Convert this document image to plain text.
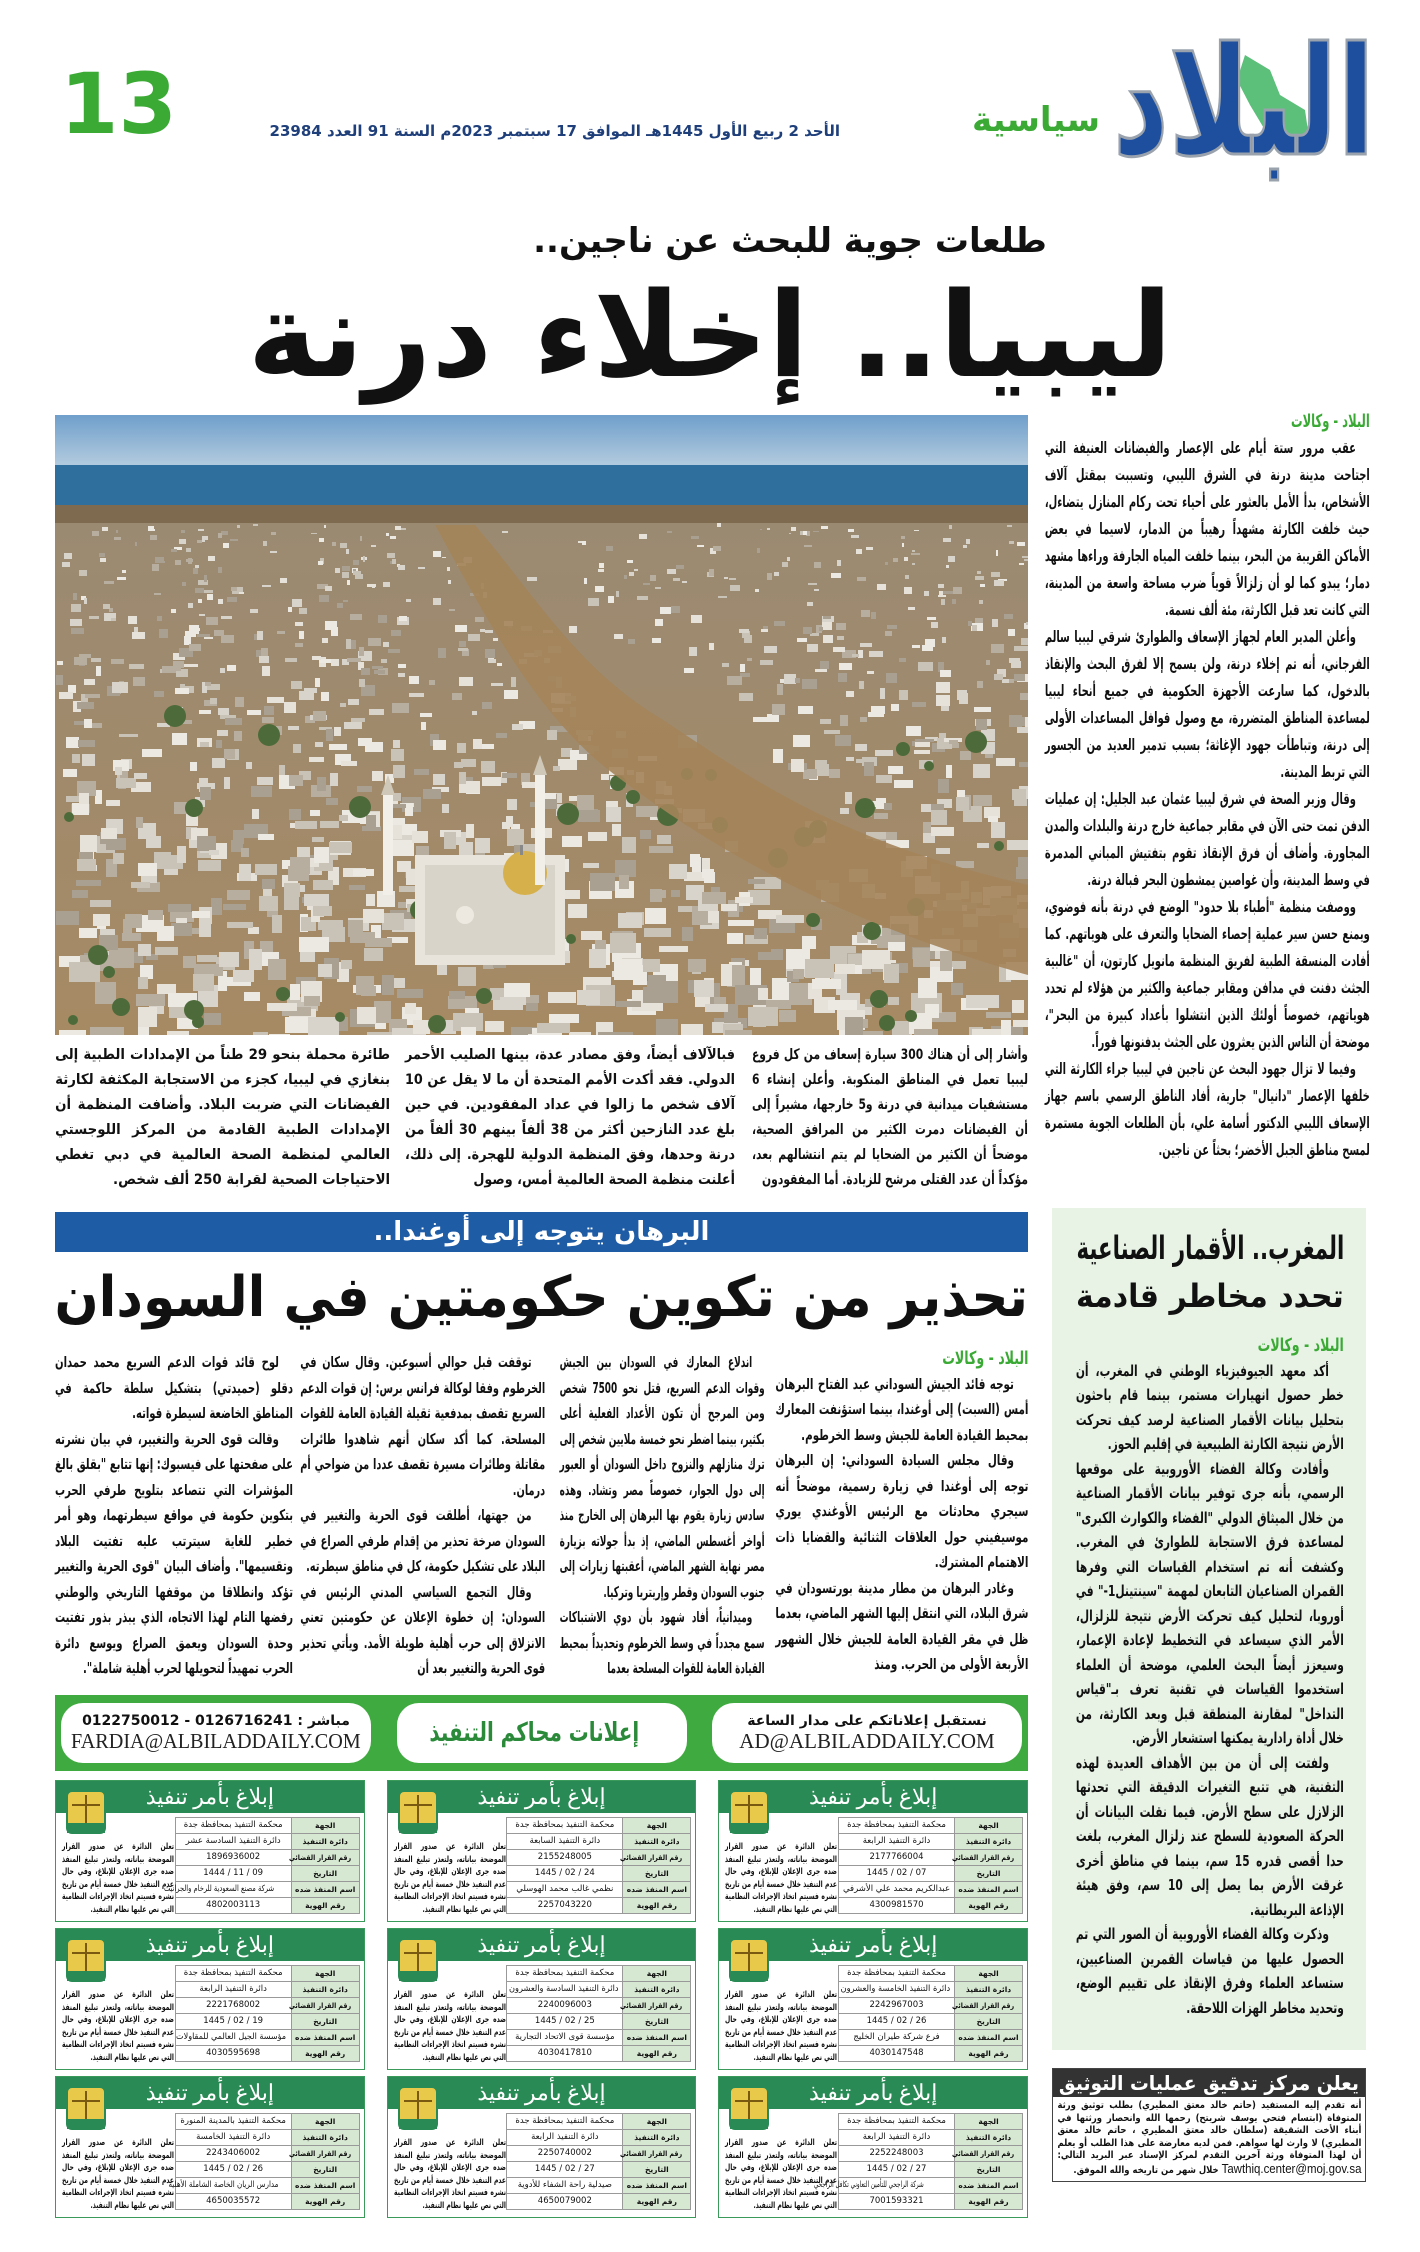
البلاد
سياسية
الأحد 2 ربيع الأول 1445هـ الموافق 17 سبتمبر 2023م السنة 91 العدد 23984
13
طلعات جوية للبحث عن ناجين..
ليبيا.. إخلاء درنة
البلاد - وكالات

عقب مرور ستة أيام على الإعصار والفيضانات العنيفة التي اجتاحت مدينة درنة في الشرق الليبي، وتسببت بمقتل آلاف الأشخاص، بدأ الأمل بالعثور على أحياء تحت ركام المنازل يتضاءل، حيث خلفت الكارثة مشهداً رهيباً من الدمار، لاسيما في بعض الأماكن القريبة من البحر، بينما خلفت المياه الجارفة وراءها مشهد دمار؛ يبدو كما لو أن زلزالاً قوياً ضرب مساحة واسعة من المدينة، التي كانت تعد قبل الكارثة، مئة ألف نسمة.

وأعلن المدير العام لجهاز الإسعاف والطوارئ شرقي ليبيا سالم الفرجاني، أنه تم إخلاء درنة، ولن يسمح إلا لفرق البحث والإنقاذ بالدخول، كما سارعت الأجهزة الحكومية في جميع أنحاء ليبيا لمساعدة المناطق المتضررة، مع وصول قوافل المساعدات الأولى إلى درنة، وتباطأت جهود الإغاثة؛ بسبب تدمير العديد من الجسور التي تربط المدينة.

وقال وزير الصحة في شرق ليبيا عثمان عبد الجليل: إن عمليات الدفن تمت حتى الآن في مقابر جماعية خارج درنة والبلدات والمدن المجاورة. وأضاف أن فرق الإنقاذ تقوم بتفتيش المباني المدمرة في وسط المدينة، وأن غواصين يمشطون البحر قبالة درنة.

ووصفت منظمة "أطباء بلا حدود" الوضع في درنة بأنه فوضوي، ويمنع حسن سير عملية إحصاء الضحايا والتعرف على هوياتهم. كما أفادت المنسقة الطبية لفريق المنظمة مانويل كارتون، أن "غالبية الجثث دفنت في مدافن ومقابر جماعية والكثير من هؤلاء لم تحدد هوياتهم، خصوصاً أولئك الذين انتشلوا بأعداد كبيرة من البحر"، موضحة أن الناس الذين يعثرون على الجثث يدفنونها فوراً.

وفيما لا تزال جهود البحث عن ناجين في ليبيا جراء الكارثة التي خلفها الإعصار "دانيال" جارية، أفاد الناطق الرسمي باسم جهاز الإسعاف الليبي الدكتور أسامة علي، بأن الطلعات الجوية مستمرة لمسح مناطق الجبل الأخضر؛ بحثاً عن ناجين.

وأشار إلى أن هناك 300 سيارة إسعاف من كل فروع ليبيا تعمل في المناطق المنكوبة. وأعلن إنشاء 6 مستشفيات ميدانية في درنة و5 خارجها، مشيراً إلى أن الفيضانات دمرت الكثير من المرافق الصحية، موضحاً أن الكثير من الضحايا لم يتم انتشالهم بعد، مؤكداً أن عدد القتلى مرشح للزيادة. أما المفقودون
فبالآلاف أيضاً، وفق مصادر عدة، بينها الصليب الأحمر الدولي. فقد أكدت الأمم المتحدة أن ما لا يقل عن 10 آلاف شخص ما زالوا في عداد المفقودين. في حين بلغ عدد النازحين أكثر من 38 ألفاً بينهم 30 ألفاً من درنة وحدها، وفق المنظمة الدولية للهجرة. إلى ذلك، أعلنت منظمة الصحة العالمية أمس، وصول
طائرة محملة بنحو 29 طناً من الإمدادات الطبية إلى بنغازي في ليبيا، كجزء من الاستجابة المكثفة لكارثة الفيضانات التي ضربت البلاد. وأضافت المنظمة أن الإمدادات الطبية القادمة من المركز اللوجستي العالمي لمنظمة الصحة العالمية في دبي تغطي الاحتياجات الصحية لقرابة 250 ألف شخص.
البرهان يتوجه إلى أوغندا..
تحذير من تكوين حكومتين في السودان
البلاد - وكالات

توجه قائد الجيش السوداني عبد الفتاح البرهان أمس (السبت) إلى أوغندا، بينما استؤنفت المعارك بمحيط القيادة العامة للجيش وسط الخرطوم.

وقال مجلس السيادة السوداني: إن البرهان توجه إلى أوغندا في زيارة رسمية، موضحاً أنه سيجري محادثات مع الرئيس الأوغندي يوري موسيفيني حول العلاقات الثنائية والقضايا ذات الاهتمام المشترك.

وغادر البرهان من مطار مدينة بورتسودان في شرق البلاد، التي انتقل إليها الشهر الماضي، بعدما ظل في مقر القيادة العامة للجيش خلال الشهور الأربعة الأولى من الحرب. ومنذ

اندلاع المعارك في السودان بين الجيش وقوات الدعم السريع، قتل نحو 7500 شخص ومن المرجح أن تكون الأعداد الفعلية أعلى بكثير، بينما اضطر نحو خمسة ملايين شخص إلى ترك منازلهم والنزوح داخل السودان أو العبور إلى دول الجوار، خصوصاً مصر وتشاد. وهذه سادس زيارة يقوم بها البرهان إلى الخارج منذ أواخر أغسطس الماضي، إذ بدأ جولاته بزيارة مصر نهاية الشهر الماضي، أعقبتها زيارات إلى جنوب السودان وقطر وإريتريا وتركيا.

وميدانياً، أفاد شهود بأن دوي الاشتباكات سمع مجدداً في وسط الخرطوم وتحديداً بمحيط القيادة العامة للقوات المسلحة بعدما

توقفت قبل حوالي أسبوعين. وقال سكان في الخرطوم وفقا لوكالة فرانس برس: إن قوات الدعم السريع تقصف بمدفعية ثقيلة القيادة العامة للقوات المسلحة. كما أكد سكان أنهم شاهدوا طائرات مقاتلة وطائرات مسيرة تقصف عددا من ضواحي أم درمان.

من جهتها، أطلقت قوى الحرية والتغيير في السودان صرخة تحذير من إقدام طرفي الصراع في البلاد على تشكيل حكومة، كل في مناطق سيطرته.

وقال التجمع السياسي المدني الرئيس في السودان: إن خطوة الإعلان عن حكومتين تعني الانزلاق إلى حرب أهلية طويلة الأمد. ويأتي تحذير قوى الحرية والتغيير بعد أن

لوح قائد قوات الدعم السريع محمد حمدان دقلو (حميدتي) بتشكيل سلطة حاكمة في المناطق الخاضعة لسيطرة قواته.

وقالت قوى الحرية والتغيير، في بيان نشرته على صفحتها على فيسبوك: إنها تتابع "بقلق بالغ المؤشرات التي تتصاعد بتلويح طرفي الحرب بتكوين حكومة في مواقع سيطرتهما، وهو أمر خطير للغاية سيترتب عليه تفتيت البلاد وتقسيمها". وأضاف البيان "قوى الحرية والتغيير تؤكد وانطلاقا من موقفها التاريخي والوطني رفضها التام لهذا الاتجاه، الذي يبذر بذور تفتيت وحدة السودان ويعمق الصراع ويوسع دائرة الحرب تمهيداً لتحويلها لحرب أهلية شاملة".

المغرب.. الأقمار الصناعية
تحدد مخاطر قادمة
البلاد - وكالات

أكد معهد الجيوفيزياء الوطني في المغرب، أن خطر حصول انهيارات مستمر، بينما قام باحثون بتحليل بيانات الأقمار الصناعية لرصد كيف تحركت الأرض نتيجة الكارثة الطبيعية في إقليم الحوز.

وأفادت وكالة الفضاء الأوروبية على موقعها الرسمي، بأنه جرى توفير بيانات الأقمار الصناعية من خلال الميثاق الدولي "الفضاء والكوارث الكبرى" لمساعدة فرق الاستجابة للطوارئ في المغرب. وكشفت أنه تم استخدام القياسات التي وفرها القمران الصناعيان التابعان لمهمة "سينتينل1-" في أوروبا، لتحليل كيف تحركت الأرض نتيجة للزلزال، الأمر الذي سيساعد في التخطيط لإعادة الإعمار، وسيعزز أيضاً البحث العلمي، موضحة أن العلماء استخدموا القياسات في تقنية تعرف بـ"قياس التداخل" لمقارنة المنطقة قبل وبعد الكارثة، من خلال أداة رادارية يمكنها استشعار الأرض.

ولفتت إلى أن من بين الأهداف العديدة لهذه التقنية، هي تتبع التغيرات الدقيقة التي تحدثها الزلازل على سطح الأرض. فيما نقلت البيانات أن الحركة الصعودية للسطح عند زلزال المغرب، بلغت حدا أقصى قدره 15 سم، بينما في مناطق أخرى غرقت الأرض بما يصل إلى 10 سم، وفق هيئة الإذاعة البريطانية.

وذكرت وكالة الفضاء الأوروبية أن الصور التي تم الحصول عليها من قياسات القمرين الصناعيين، ستساعد العلماء وفرق الإنقاذ على تقييم الوضع، وتحديد مخاطر الهزات اللاحقة.

مباشر : 0126716241 - 0122750012
FARDIA@ALBILADDAILY.COM	إعلانات محاكم التنفيذ	نستقبل إعلاناتكم على مدار الساعة
AD@ALBILADDAILY.COM
إبلاغ بأمر تنفيذ
الجهة	محكمة التنفيذ بمحافظة جدة
دائرة التنفيذ	دائرة التنفيذ الرابعة
رقم القرار القضائي	2177766004
التاريخ	07 / 02 / 1445
اسم المنفذ ضده	عبدالكريم محمد علي الأشرفي
رقم الهوية	4300981570
تعلن الدائرة عن صدور القرار الموضحة بياناته، ولتعذر تبليغ المنفذ ضده جرى الإعلان للإبلاغ، وفي حال عدم التنفيذ خلال خمسة أيام من تاريخ نشره فسيتم اتخاذ الإجراءات النظامية التي نص عليها نظام التنفيذ.
إبلاغ بأمر تنفيذ
الجهة	محكمة التنفيذ بمحافظة جدة
دائرة التنفيذ	دائرة التنفيذ السابعة
رقم القرار القضائي	2155248005
التاريخ	24 / 02 / 1445
اسم المنفذ ضده	نظمي غالب محمد الهوسلي
رقم الهوية	2257043220
تعلن الدائرة عن صدور القرار الموضحة بياناته، ولتعذر تبليغ المنفذ ضده جرى الإعلان للإبلاغ، وفي حال عدم التنفيذ خلال خمسة أيام من تاريخ نشره فسيتم اتخاذ الإجراءات النظامية التي نص عليها نظام التنفيذ.
إبلاغ بأمر تنفيذ
الجهة	محكمة التنفيذ بمحافظة جدة
دائرة التنفيذ	دائرة التنفيذ السادسة عشر
رقم القرار القضائي	1896936002
التاريخ	09 / 11 / 1444
اسم المنفذ ضده	شركة مصنع السعودية للرخام والجرانيت
رقم الهوية	4802003113
تعلن الدائرة عن صدور القرار الموضحة بياناته، ولتعذر تبليغ المنفذ ضده جرى الإعلان للإبلاغ، وفي حال عدم التنفيذ خلال خمسة أيام من تاريخ نشره فسيتم اتخاذ الإجراءات النظامية التي نص عليها نظام التنفيذ.
إبلاغ بأمر تنفيذ
الجهة	محكمة التنفيذ بمحافظة جدة
دائرة التنفيذ	دائرة التنفيذ الخامسة والعشرون
رقم القرار القضائي	2242967003
التاريخ	26 / 02 / 1445
اسم المنفذ ضده	فرع شركة طيران الخليج
رقم الهوية	4030147548
تعلن الدائرة عن صدور القرار الموضحة بياناته، ولتعذر تبليغ المنفذ ضده جرى الإعلان للإبلاغ، وفي حال عدم التنفيذ خلال خمسة أيام من تاريخ نشره فسيتم اتخاذ الإجراءات النظامية التي نص عليها نظام التنفيذ.
إبلاغ بأمر تنفيذ
الجهة	محكمة التنفيذ بمحافظة جدة
دائرة التنفيذ	دائرة التنفيذ السادسة والعشرون
رقم القرار القضائي	2240096003
التاريخ	25 / 02 / 1445
اسم المنفذ ضده	مؤسسة قوى الاتحاد التجارية
رقم الهوية	4030417810
تعلن الدائرة عن صدور القرار الموضحة بياناته، ولتعذر تبليغ المنفذ ضده جرى الإعلان للإبلاغ، وفي حال عدم التنفيذ خلال خمسة أيام من تاريخ نشره فسيتم اتخاذ الإجراءات النظامية التي نص عليها نظام التنفيذ.
إبلاغ بأمر تنفيذ
الجهة	محكمة التنفيذ بمحافظة جدة
دائرة التنفيذ	دائرة التنفيذ الرابعة
رقم القرار القضائي	2221768002
التاريخ	19 / 02 / 1445
اسم المنفذ ضده	مؤسسة الجيل العالمي للمقاولات
رقم الهوية	4030595698
تعلن الدائرة عن صدور القرار الموضحة بياناته، ولتعذر تبليغ المنفذ ضده جرى الإعلان للإبلاغ، وفي حال عدم التنفيذ خلال خمسة أيام من تاريخ نشره فسيتم اتخاذ الإجراءات النظامية التي نص عليها نظام التنفيذ.
إبلاغ بأمر تنفيذ
الجهة	محكمة التنفيذ بمحافظة جدة
دائرة التنفيذ	دائرة التنفيذ الرابعة
رقم القرار القضائي	2252248003
التاريخ	27 / 02 / 1445
اسم المنفذ ضده	شركة الراجحي للتأمين التعاوني تكافل الراجحي
رقم الهوية	7001593321
تعلن الدائرة عن صدور القرار الموضحة بياناته، ولتعذر تبليغ المنفذ ضده جرى الإعلان للإبلاغ، وفي حال عدم التنفيذ خلال خمسة أيام من تاريخ نشره فسيتم اتخاذ الإجراءات النظامية التي نص عليها نظام التنفيذ.
إبلاغ بأمر تنفيذ
الجهة	محكمة التنفيذ بمحافظة جدة
دائرة التنفيذ	دائرة التنفيذ الرابعة
رقم القرار القضائي	2250740002
التاريخ	27 / 02 / 1445
اسم المنفذ ضده	صيدلية راحة الشفاء للأدوية
رقم الهوية	4650079002
تعلن الدائرة عن صدور القرار الموضحة بياناته، ولتعذر تبليغ المنفذ ضده جرى الإعلان للإبلاغ، وفي حال عدم التنفيذ خلال خمسة أيام من تاريخ نشره فسيتم اتخاذ الإجراءات النظامية التي نص عليها نظام التنفيذ.
إبلاغ بأمر تنفيذ
الجهة	محكمة التنفيذ بالمدينة المنورة
دائرة التنفيذ	دائرة التنفيذ الخامسة
رقم القرار القضائي	2243406002
التاريخ	26 / 02 / 1445
اسم المنفذ ضده	مدارس الريان الخاصة الشاملة الأهلية
رقم الهوية	4650035572
تعلن الدائرة عن صدور القرار الموضحة بياناته، ولتعذر تبليغ المنفذ ضده جرى الإعلان للإبلاغ، وفي حال عدم التنفيذ خلال خمسة أيام من تاريخ نشره فسيتم اتخاذ الإجراءات النظامية التي نص عليها نظام التنفيذ.
يعلن مركز تدقيق عمليات التوثيق
أنه تقدم إليه المستفيد (حاتم خالد معتق المطيري) بطلب توثيق ورثة المتوفاة (ابتسام فتحي يوسف شريتح) رحمها الله وانحصار ورثتها في أبناء الأخت الشقيقة (سلطان خالد معتق المطيري ، حاتم خالد معتق المطيري) لا وارث لها سواهم. فمن لديه معارضة على هذا الطلب أو يعلم أن لهذا المتوفاة ورثة آخرين التقدم لمركز الإسناد عبر البريد التالي: Tawthiq.center@moj.gov.sa خلال شهر من تاريخه والله الموفق.
